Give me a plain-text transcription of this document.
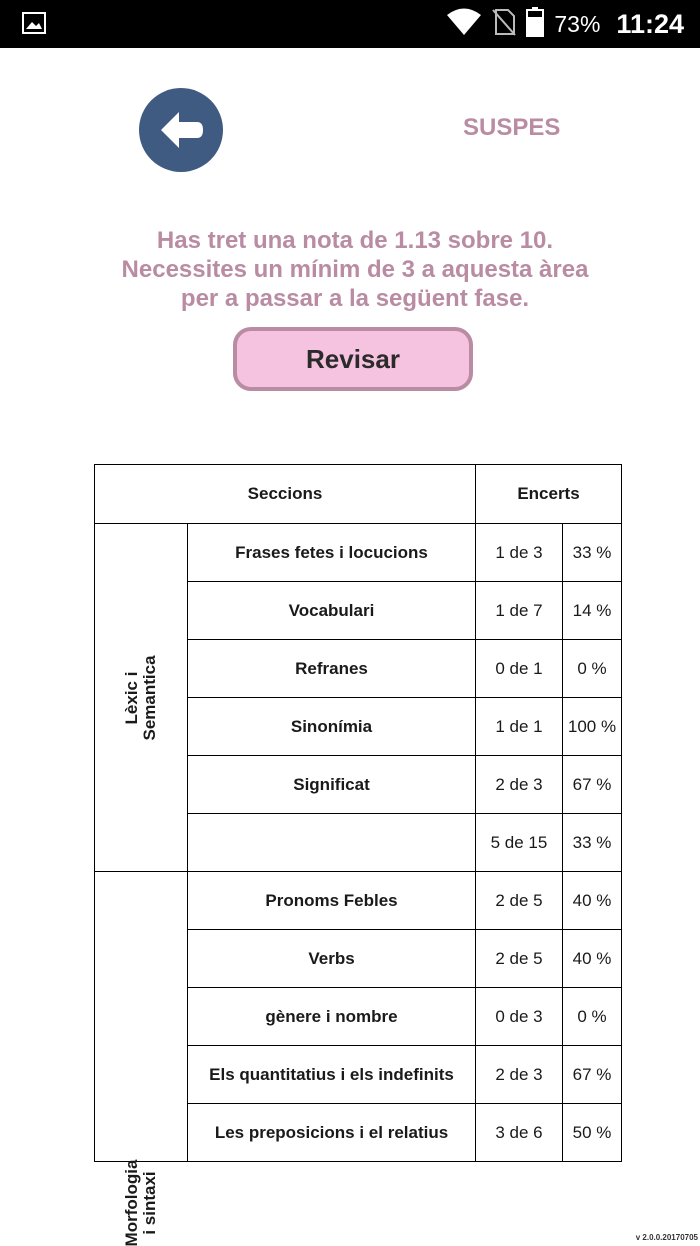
73% 11:24
SUSPES
Has tret una nota de 1.13 sobre 10.
Necessites un mínim de 3 a aquesta àrea
per a passar a la següent fase.
Revisar
Seccions		Encerts	

Lèxic i Semantica	Frases fetes i locucions	1 de 3	33 %
	Vocabulari	1 de 7	14 %
	Refranes	0 de 1	0 %
	Sinonímia	1 de 1	100 %
	Significat	2 de 3	67 %
		5 de 15	33 %

Morfologia i sintaxi	Pronoms Febles	2 de 5	40 %
	Verbs	2 de 5	40 %
	gènere i nombre	0 de 3	0 %
	Els quantitatius i els indefinits	2 de 3	67 %
	Les preposicions i el relatius	3 de 6	50 %
v 2.0.0.20170705
